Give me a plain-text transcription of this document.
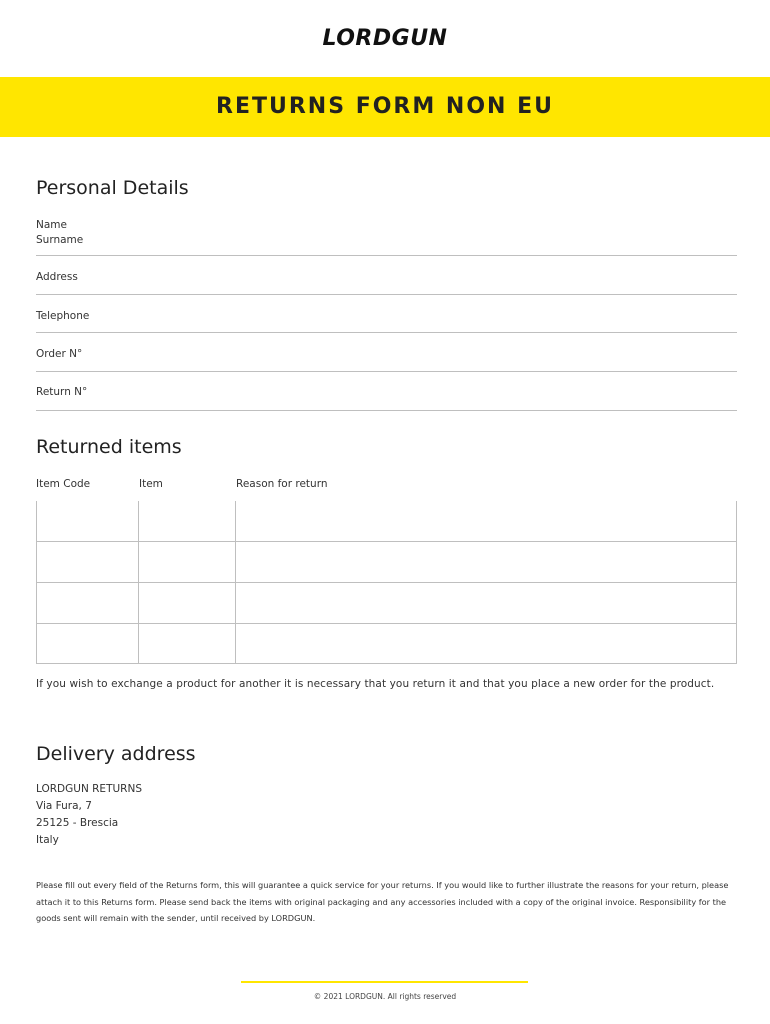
LORDGUN
RETURNS FORM NON EU
Personal Details
Name
Surname
Address
Telephone
Order N°
Return N°
Returned items
Item Code	Item	Reason for return
If you wish to exchange a product for another it is necessary that you return it and that you place a new order for the product.
Delivery address
LORDGUN RETURNS
Via Fura, 7
25125 - Brescia
Italy
Please fill out every field of the Returns form, this will guarantee a quick service for your returns. If you would like to further illustrate the reasons for your return, please attach it to this Returns form. Please send back the items with original packaging and any accessories included with a copy of the original invoice. Responsibility for the goods sent will remain with the sender, until received by LORDGUN.
© 2021 LORDGUN. All rights reserved
